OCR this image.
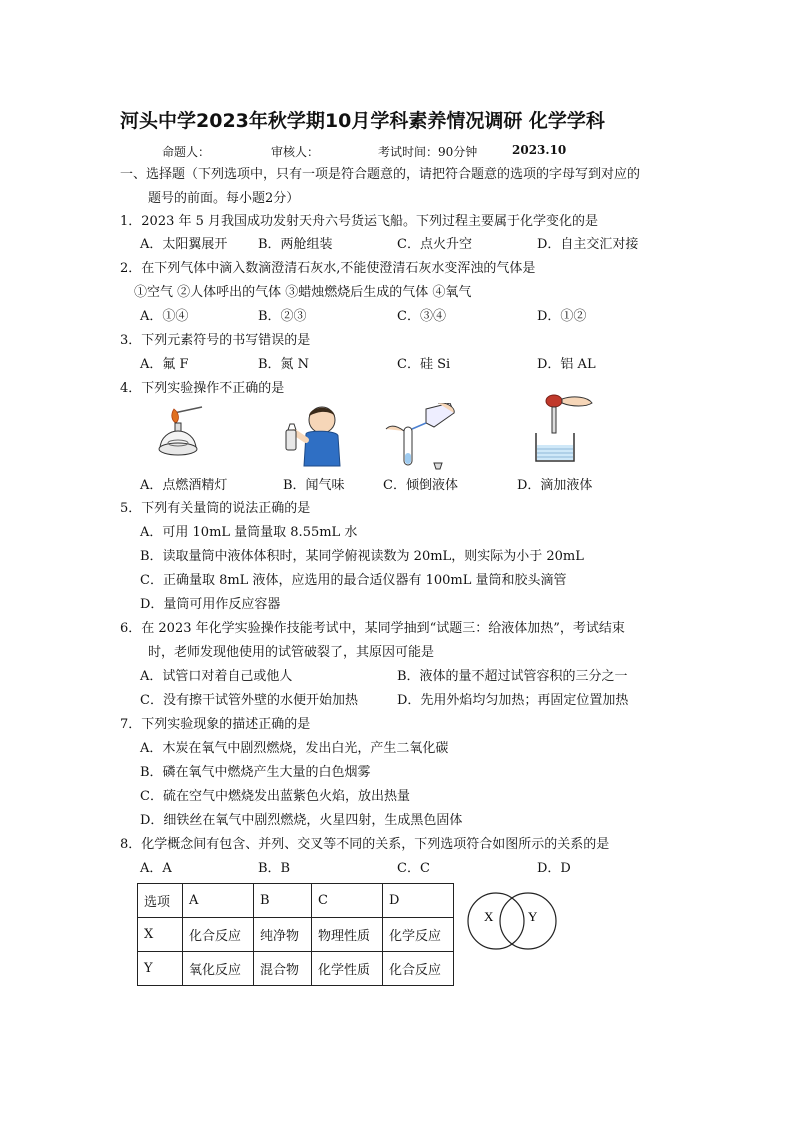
河头中学2023年秋学期10月学科素养情况调研 化学学科
命题人：	审核人：	考试时间：90分钟	2023.10
一、选择题（下列选项中，只有一项是符合题意的，请把符合题意的选项的字母写到对应的
题号的前面。每小题2分）
1．2023 年 5 月我国成功发射天舟六号货运飞船。下列过程主要属于化学变化的是
A．太阳翼展开 B．两舱组装	C．点火升空	D．自主交汇对接
2．在下列气体中滴入数滴澄清石灰水,不能使澄清石灰水变浑浊的气体是
①空气 ②人体呼出的气体 ③蜡烛燃烧后生成的气体 ④氧气
A．①④	B．②③	C．③④	D．①②
3．下列元素符号的书写错误的是
A．氟 F	B．氮 N	C．硅 Si	D．铝 AL
4．下列实验操作不正确的是
A．点燃酒精灯	B．闻气味	C．倾倒液体	D．滴加液体
5．下列有关量筒的说法正确的是
A．可用 10mL 量筒量取 8.55mL 水
B．读取量筒中液体体积时，某同学俯视读数为 20mL，则实际为小于 20mL
C．正确量取 8mL 液体，应选用的最合适仪器有 100mL 量筒和胶头滴管
D．量筒可用作反应容器
6．在 2023 年化学实验操作技能考试中，某同学抽到“试题三：给液体加热”，考试结束
时，老师发现他使用的试管破裂了，其原因可能是
A．试管口对着自己或他人	B．液体的量不超过试管容积的三分之一
C．没有擦干试管外壁的水便开始加热	D．先用外焰均匀加热；再固定位置加热
7．下列实验现象的描述正确的是
A．木炭在氧气中剧烈燃烧，发出白光，产生二氧化碳
B．磷在氧气中燃烧产生大量的白色烟雾
C．硫在空气中燃烧发出蓝紫色火焰，放出热量
D．细铁丝在氧气中剧烈燃烧，火星四射，生成黑色固体
8．化学概念间有包含、并列、交叉等不同的关系，下列选项符合如图所示的关系的是
A．A	B．B	C．C	D．D
选项	A	B	C	D
X	化合反应	纯净物	物理性质	化学反应
Y	氧化反应	混合物	化学性质	化合反应
X	Y
